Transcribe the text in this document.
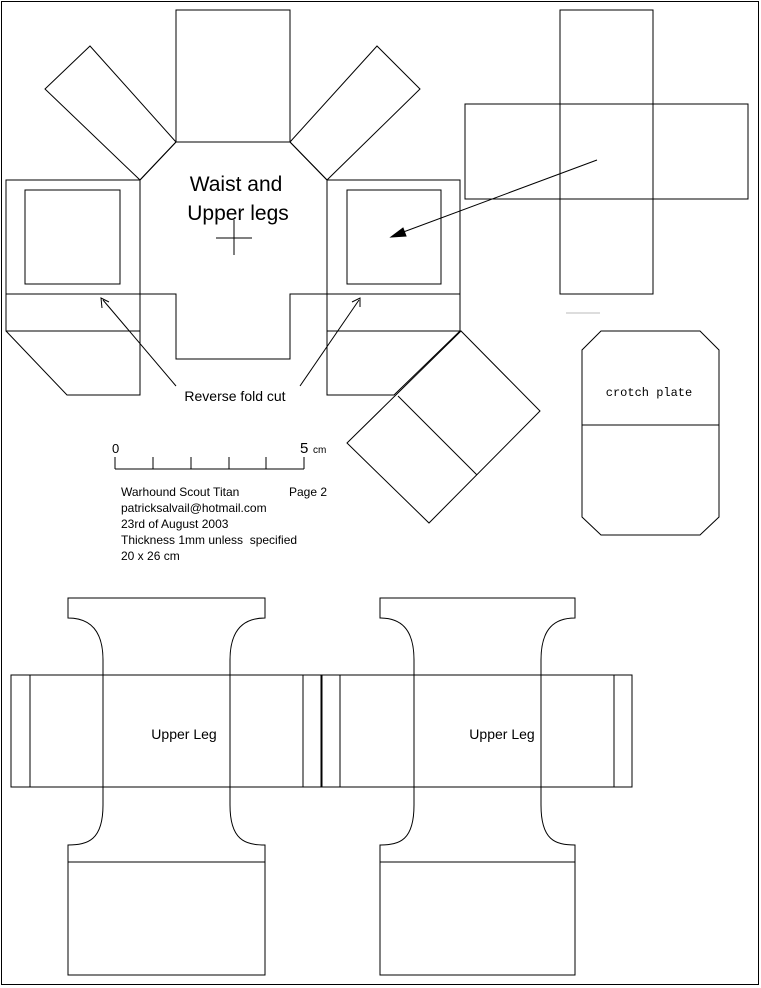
Waist and
Upper legs
Reverse fold cut
0	5 cm
Warhound Scout Titan	Page 2
patricksalvail@hotmail.com
23rd of August 2003
Thickness 1mm unless  specified
20 x 26 cm
crotch plate
Upper Leg	Upper Leg
